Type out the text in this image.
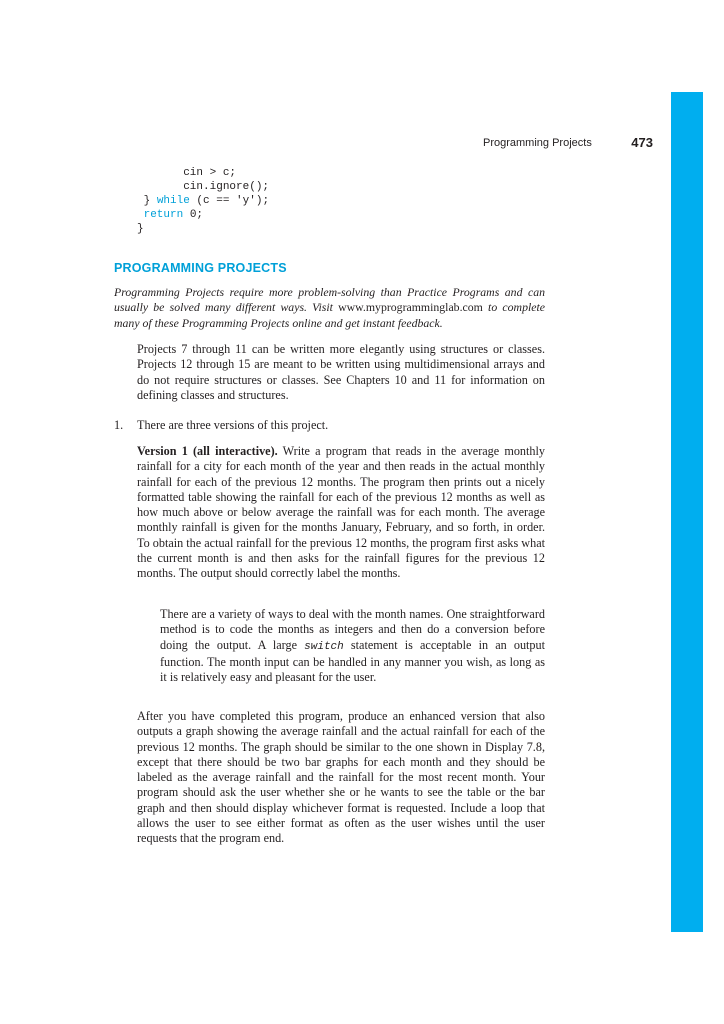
Programming Projects	473
cin > c;
cin.ignore();
} while (c == 'y');
return 0;
}
PROGRAMMING PROJECTS

Programming Projects require more problem-solving than Practice Programs and can usually be solved many different ways. Visit www.myprogramminglab.com to complete many of these Programming Projects online and get instant feedback.

Projects 7 through 11 can be written more elegantly using structures or classes. Projects 12 through 15 are meant to be written using multidimensional arrays and do not require structures or classes. See Chapters 10 and 11 for information on defining classes and structures.

1. There are three versions of this project.

Version 1 (all interactive). Write a program that reads in the average monthly rainfall for a city for each month of the year and then reads in the actual monthly rainfall for each of the previous 12 months. The program then prints out a nicely formatted table showing the rainfall for each of the previous 12 months as well as how much above or below average the rainfall was for each month. The average monthly rainfall is given for the months January, February, and so forth, in order. To obtain the actual rainfall for the previous 12 months, the program first asks what the current month is and then asks for the rainfall figures for the previous 12 months. The output should correctly label the months.

There are a variety of ways to deal with the month names. One straightforward method is to code the months as integers and then do a conversion before doing the output. A large switch statement is acceptable in an output function. The month input can be handled in any manner you wish, as long as it is relatively easy and pleasant for the user.

After you have completed this program, produce an enhanced version that also outputs a graph showing the average rainfall and the actual rainfall for each of the previous 12 months. The graph should be similar to the one shown in Display 7.8, except that there should be two bar graphs for each month and they should be labeled as the average rainfall and the rainfall for the most recent month. Your program should ask the user whether she or he wants to see the table or the bar graph and then should display whichever format is requested. Include a loop that allows the user to see either format as often as the user wishes until the user requests that the program end.
